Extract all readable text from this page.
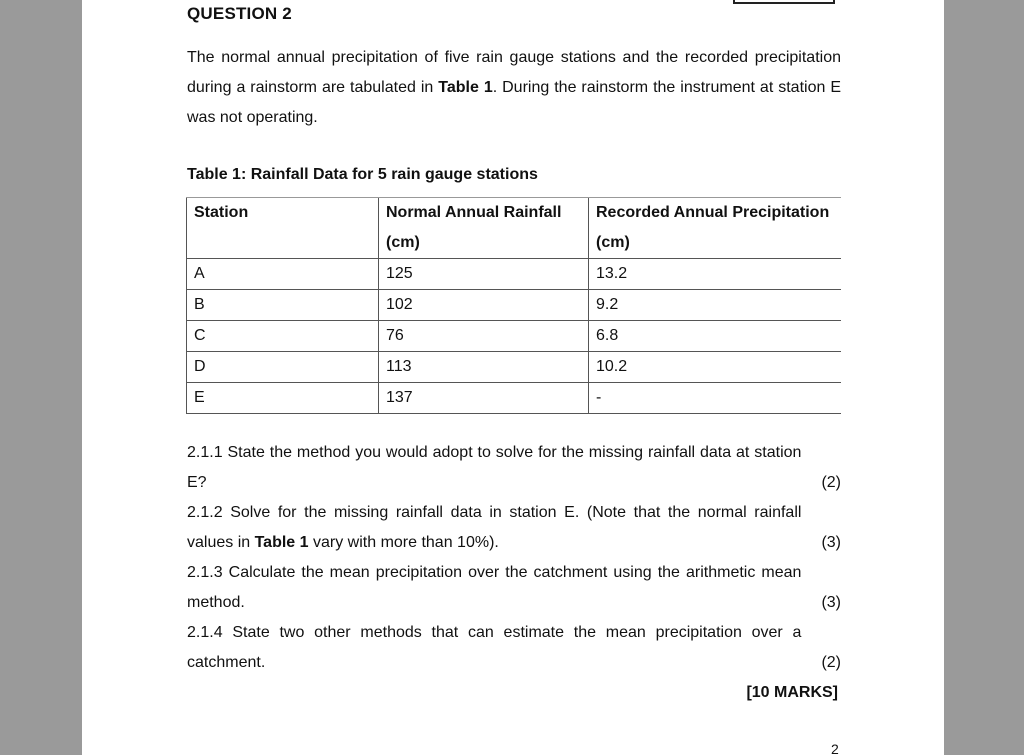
QUESTION 2
The normal annual precipitation of five rain gauge stations and the recorded precipitation during a rainstorm are tabulated in Table 1. During the rainstorm the instrument at station E was not operating.
Table 1: Rainfall Data for 5 rain gauge stations
Station	Normal Annual Rainfall (cm)	Recorded Annual Precipitation (cm)
A	125	13.2
B	102	9.2
C	76	6.8
D	113	10.2
E	137	-
2.1.1 State the method you would adopt to solve for the missing rainfall data at station E?	(2)
2.1.2 Solve for the missing rainfall data in station E. (Note that the normal rainfall values in Table 1 vary with more than 10%).	(3)
2.1.3 Calculate the mean precipitation over the catchment using the arithmetic mean method.	(3)
2.1.4 State two other methods that can estimate the mean precipitation over a catchment.	(2)
[10 MARKS]
2
